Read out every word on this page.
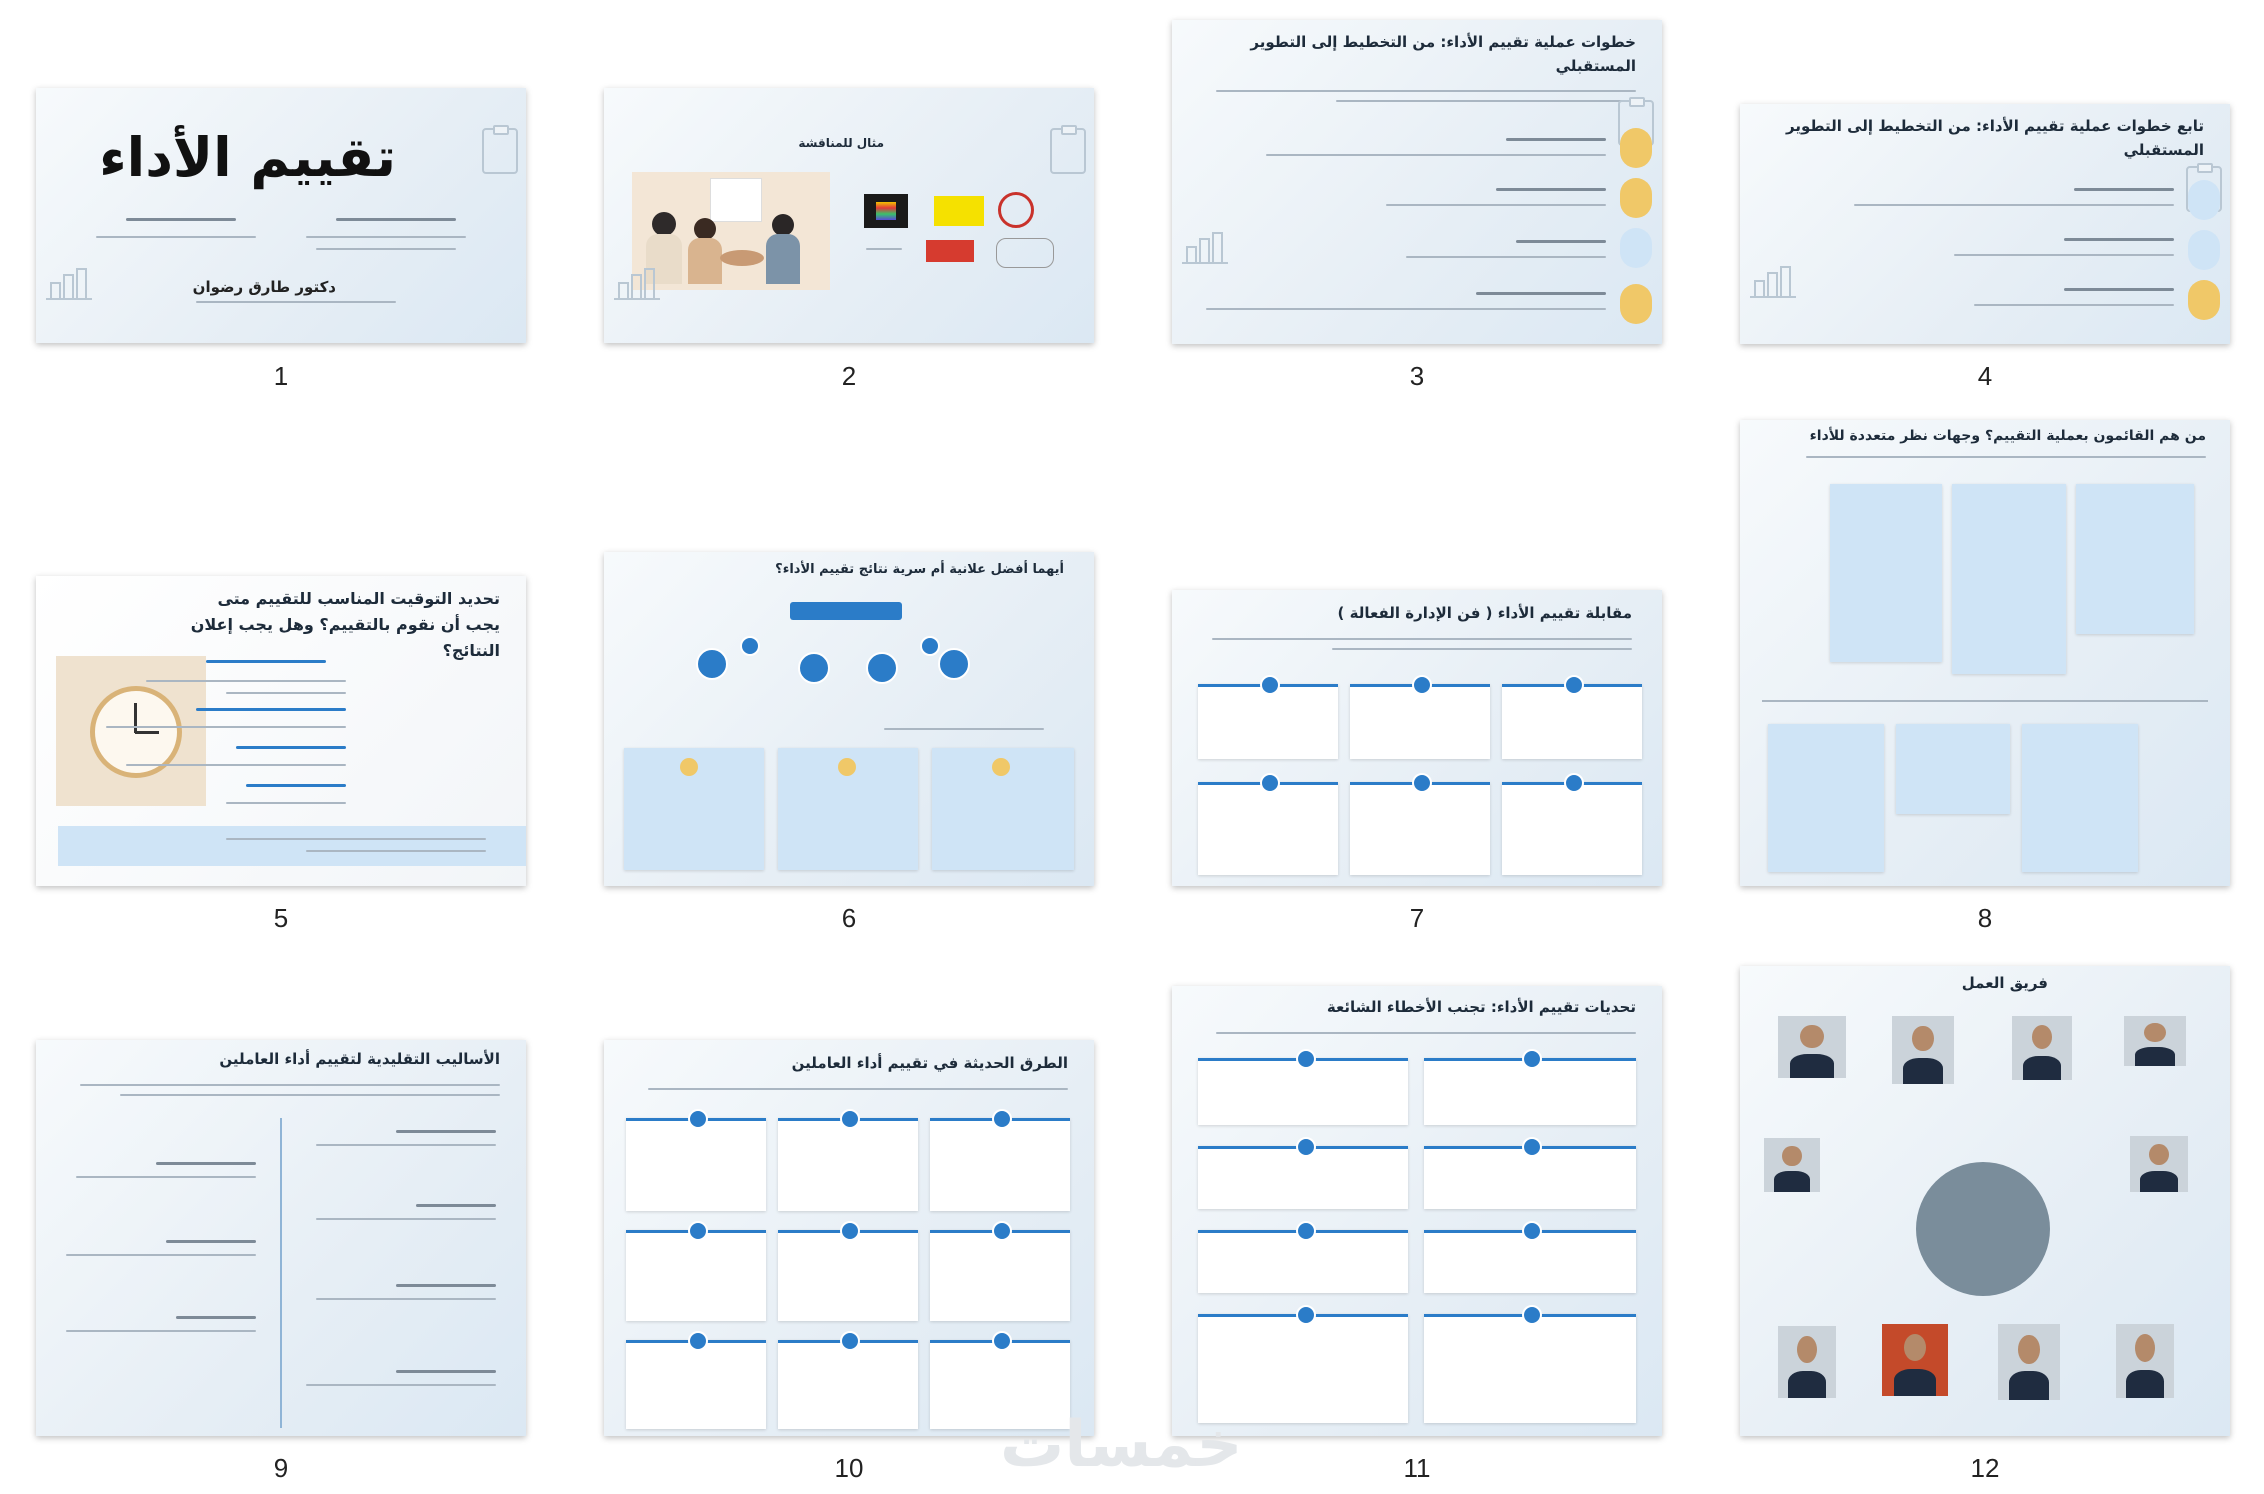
تقييم الأداء
دكتور طارق رضوان
1
مثال للمناقشة
2
خطوات عملية تقييم الأداء: من التخطيط إلى التطوير المستقبلي
3
تابع خطوات عملية تقييم الأداء: من التخطيط إلى التطوير المستقبلي
4
تحديد التوقيت المناسب للتقييم متى يجب أن نقوم بالتقييم؟ وهل يجب إعلان النتائج؟
5
أيهما أفضل علانية أم سرية نتائج تقييم الأداء؟
6
مقابلة تقييم الأداء ( فن الإدارة الفعالة )
7
من هم القائمون بعملية التقييم؟ وجهات نظر متعددة للأداء
8
الأساليب التقليدية لتقييم أداء العاملين
9
الطرق الحديثة في تقييم أداء العاملين
10
تحديات تقييم الأداء: تجنب الأخطاء الشائعة
11
فريق العمل
12
خمسات
